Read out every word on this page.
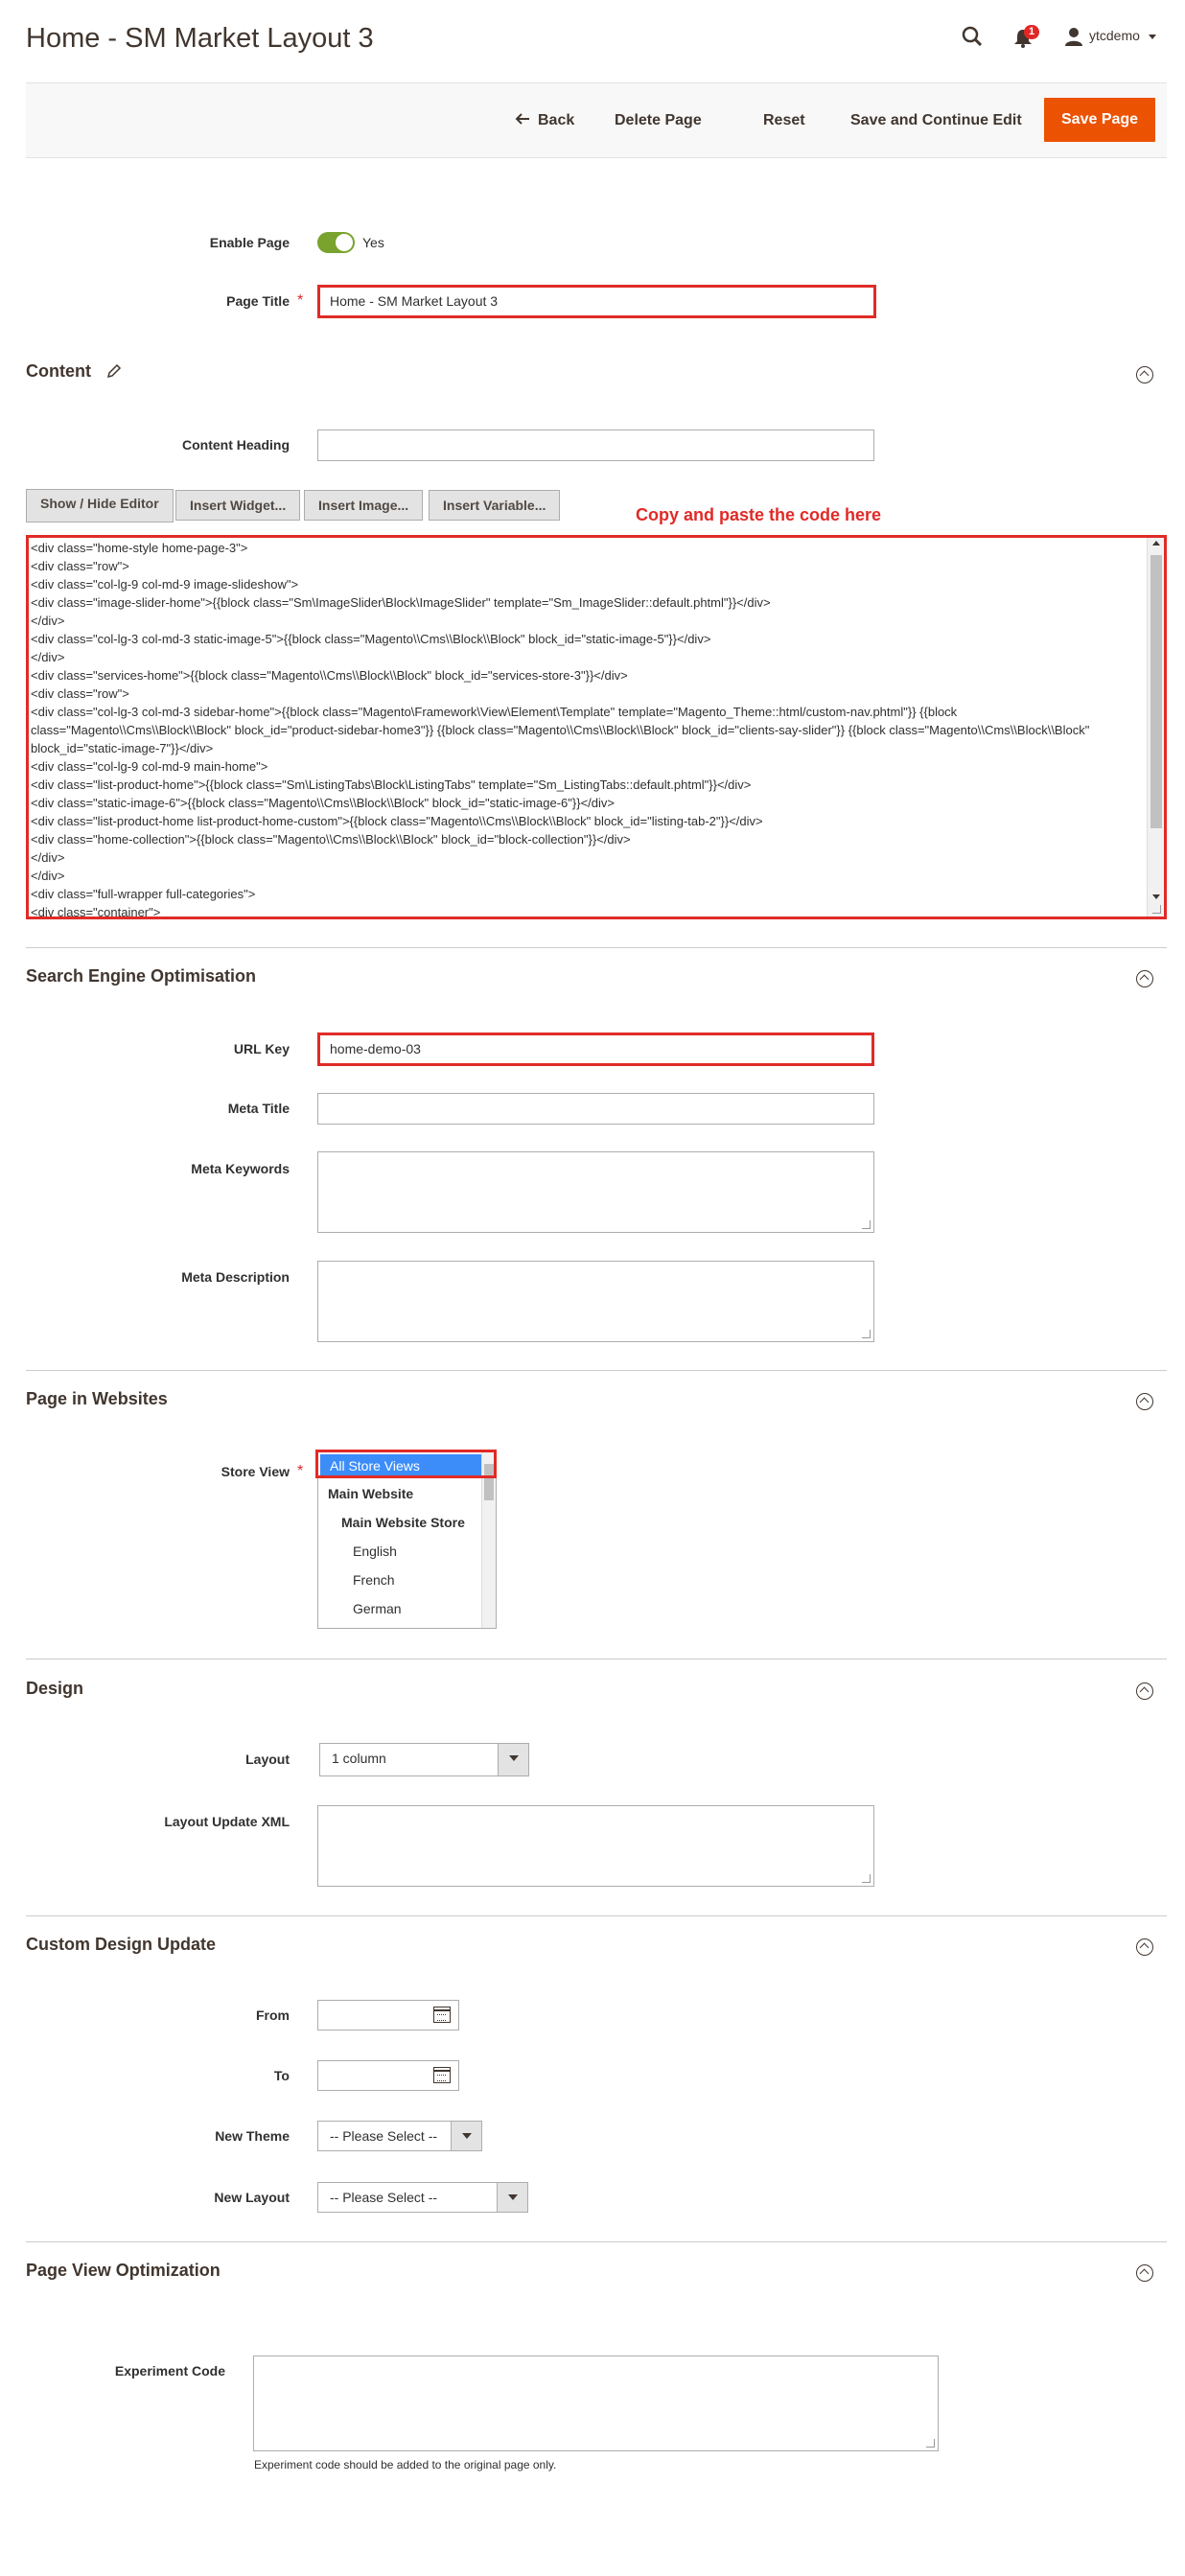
Home - SM Market Layout 3	1	ytcdemo
Back	Delete Page	Reset	Save and Continue Edit	Save Page
Enable Page	Yes
Page Title *	Home - SM Market Layout 3
Content
Content Heading
Show / Hide Editor	Insert Widget...	Insert Image...	Insert Variable...	Copy and paste the code here
<div class="home-style home-page-3">
<div class="row">
<div class="col-lg-9 col-md-9 image-slideshow">
<div class="image-slider-home">{{block class="Sm\ImageSlider\Block\ImageSlider" template="Sm_ImageSlider::default.phtml"}}</div>
</div>
<div class="col-lg-3 col-md-3 static-image-5">{{block class="Magento\\Cms\\Block\\Block" block_id="static-image-5"}}</div>
</div>
<div class="services-home">{{block class="Magento\\Cms\\Block\\Block" block_id="services-store-3"}}</div>
<div class="row">
<div class="col-lg-3 col-md-3 sidebar-home">{{block class="Magento\Framework\View\Element\Template" template="Magento_Theme::html/custom-nav.phtml"}} {{block class="Magento\\Cms\\Block\\Block" block_id="product-sidebar-home3"}} {{block class="Magento\\Cms\\Block\\Block" block_id="clients-say-slider"}} {{block class="Magento\\Cms\\Block\\Block" block_id="static-image-7"}}</div>
<div class="col-lg-9 col-md-9 main-home">
<div class="list-product-home">{{block class="Sm\ListingTabs\Block\ListingTabs" template="Sm_ListingTabs::default.phtml"}}</div>
<div class="static-image-6">{{block class="Magento\\Cms\\Block\\Block" block_id="static-image-6"}}</div>
<div class="list-product-home list-product-home-custom">{{block class="Magento\\Cms\\Block\\Block" block_id="listing-tab-2"}}</div>
<div class="home-collection">{{block class="Magento\\Cms\\Block\\Block" block_id="block-collection"}}</div>
</div>
</div>
<div class="full-wrapper full-categories">
<div class="container">
Search Engine Optimisation
URL Key	home-demo-03
Meta Title
Meta Keywords
Meta Description
Page in Websites
Store View *	All Store Views
Main Website
Main Website Store
English
French
German
Design
Layout	1 column
Layout Update XML
Custom Design Update
From
To
New Theme	-- Please Select --
New Layout	-- Please Select --
Page View Optimization
Experiment Code
Experiment code should be added to the original page only.
